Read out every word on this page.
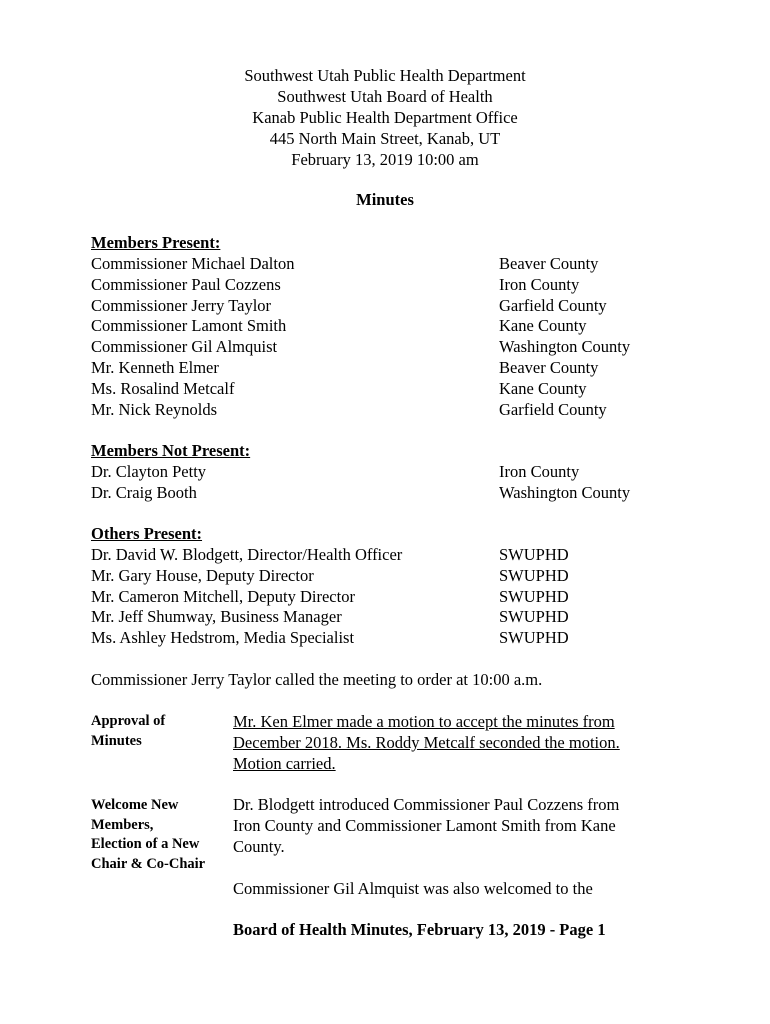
Southwest Utah Public Health Department
Southwest Utah Board of Health
Kanab Public Health Department Office
445 North Main Street, Kanab, UT
February 13, 2019 10:00 am
Minutes
Members Present:
Commissioner Michael Dalton	Beaver County
Commissioner Paul Cozzens	Iron County
Commissioner Jerry Taylor	Garfield County
Commissioner Lamont Smith	Kane County
Commissioner Gil Almquist	Washington County
Mr. Kenneth Elmer	Beaver County
Ms. Rosalind Metcalf	Kane County
Mr. Nick Reynolds	Garfield County
Members Not Present:
Dr. Clayton Petty	Iron County
Dr. Craig Booth	Washington County
Others Present:
Dr. David W. Blodgett, Director/Health Officer	SWUPHD
Mr. Gary House, Deputy Director	SWUPHD
Mr. Cameron Mitchell, Deputy Director	SWUPHD
Mr. Jeff Shumway, Business Manager	SWUPHD
Ms. Ashley Hedstrom, Media Specialist	SWUPHD
Commissioner Jerry Taylor called the meeting to order at 10:00 a.m.
Approval of
Minutes
Mr. Ken Elmer made a motion to accept the minutes from
December 2018. Ms. Roddy Metcalf seconded the motion.
Motion carried.
Welcome New
Members,
Election of a New
Chair & Co-Chair
Dr. Blodgett introduced Commissioner Paul Cozzens from
Iron County and Commissioner Lamont Smith from Kane
County.
Commissioner Gil Almquist was also welcomed to the
Board of Health Minutes, February 13, 2019 - Page 1
